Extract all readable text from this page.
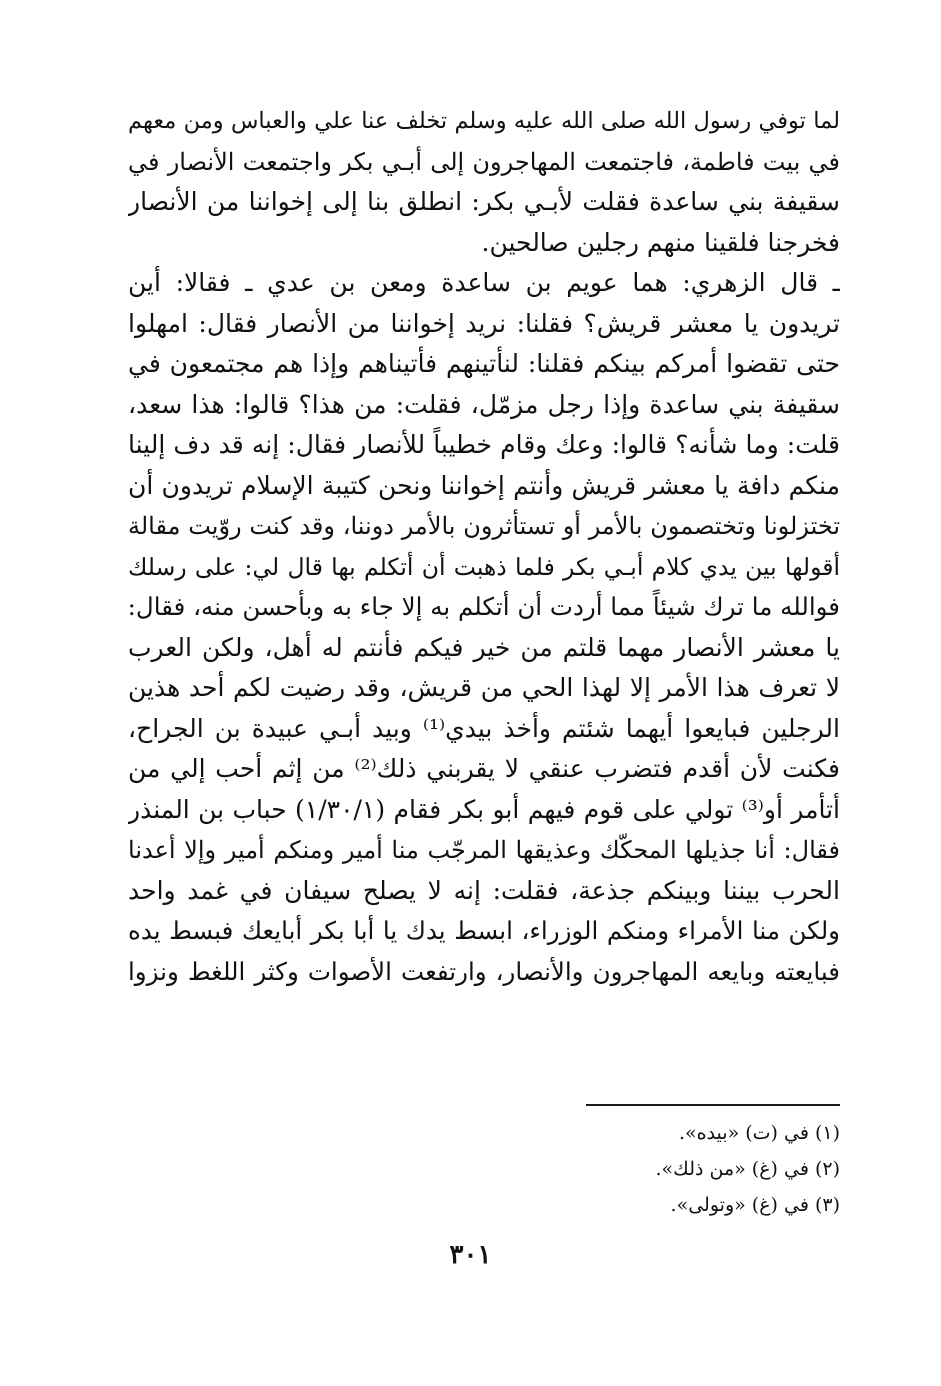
لما توفي رسول الله صلى الله عليه وسلم تخلف عنا علي والعباس ومن معهم
في بيت فاطمة، فاجتمعت المهاجرون إلى أبـي بكر واجتمعت الأنصار في
سقيفة بني ساعدة فقلت لأبـي بكر: انطلق بنا إلى إخواننا من الأنصار
فخرجنا فلقينا منهم رجلين صالحين.
ـ قال الزهري: هما عويم بن ساعدة ومعن بن عدي ـ فقالا: أين
تريدون يا معشر قريش؟ فقلنا: نريد إخواننا من الأنصار فقال: امهلوا
حتى تقضوا أمركم بينكم فقلنا: لنأتينهم فأتيناهم وإذا هم مجتمعون في
سقيفة بني ساعدة وإذا رجل مزمّل، فقلت: من هذا؟ قالوا: هذا سعد،
قلت: وما شأنه؟ قالوا: وعك وقام خطيباً للأنصار فقال: إنه قد دف إلينا
منكم دافة يا معشر قريش وأنتم إخواننا ونحن كتيبة الإسلام تريدون أن
تختزلونا وتختصمون بالأمر أو تستأثرون بالأمر دوننا، وقد كنت روّيت مقالة
أقولها بين يدي كلام أبـي بكر فلما ذهبت أن أتكلم بها قال لي: على رسلك
فوالله ما ترك شيئاً مما أردت أن أتكلم به إلا جاء به وبأحسن منه، فقال:
يا معشر الأنصار مهما قلتم من خير فيكم فأنتم له أهل، ولكن العرب
لا تعرف هذا الأمر إلا لهذا الحي من قريش، وقد رضيت لكم أحد هذين
الرجلين فبايعوا أيهما شئتم وأخذ بيدي⁽¹⁾ وبيد أبـي عبيدة بن الجراح،
فكنت لأن أقدم فتضرب عنقي لا يقربني ذلك⁽²⁾ من إثم أحب إلي من
أتأمر أو⁽³⁾ تولي على قوم فيهم أبو بكر فقام (١/٣٠/١) حباب بن المنذر
فقال: أنا جذيلها المحكّك وعذيقها المرجّب منا أمير ومنكم أمير وإلا أعدنا
الحرب بيننا وبينكم جذعة، فقلت: إنه لا يصلح سيفان في غمد واحد
ولكن منا الأمراء ومنكم الوزراء، ابسط يدك يا أبا بكر أبايعك فبسط يده
فبايعته وبايعه المهاجرون والأنصار، وارتفعت الأصوات وكثر اللغط ونزوا
(١) في (ت) «بيده».
(٢) في (غ) «من ذلك».
(٣) في (غ) «وتولى».
٣٠١
